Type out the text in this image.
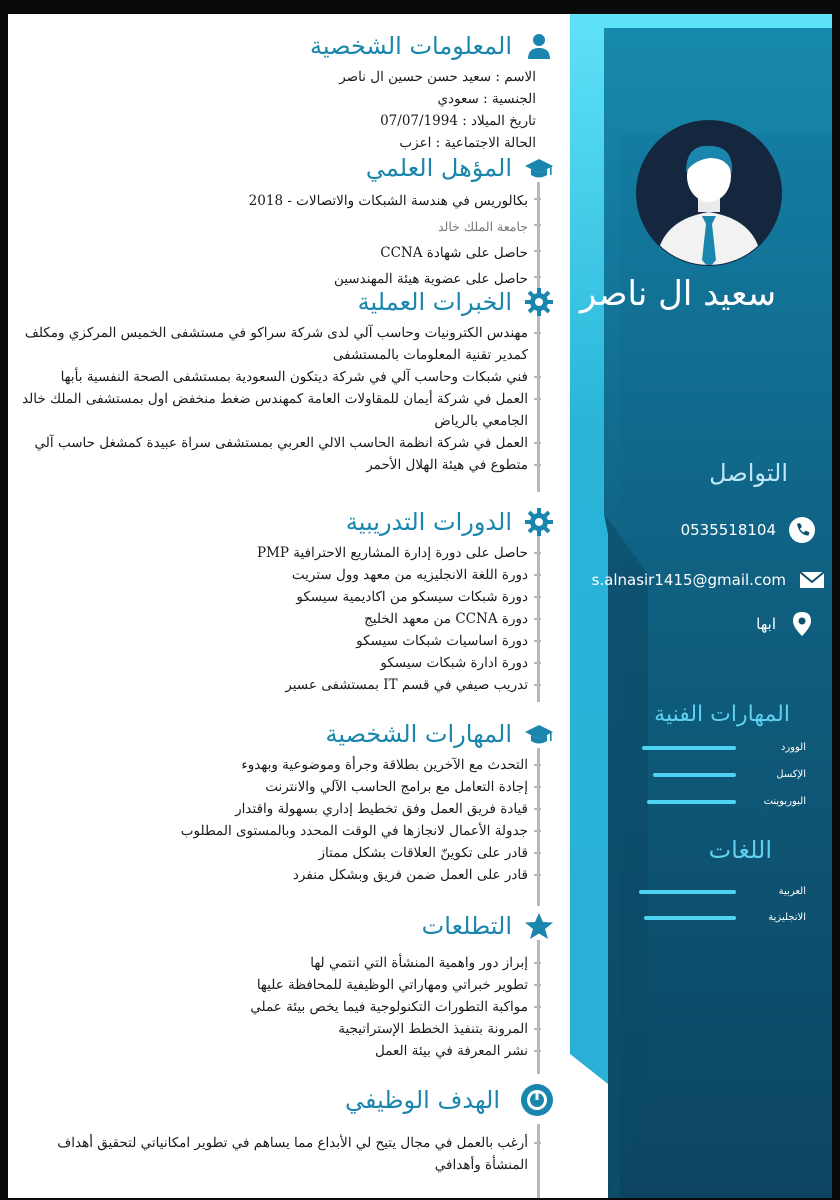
سعيد ال ناصر
التواصل
0535518104
s.alnasir1415@gmail.com
ابها
المهارات الفنية
الوورد
الإكسل
البوربوينت
اللغات
العربية
الانجليزية
المعلومات الشخصية
الاسم : سعيد حسن حسين ال ناصر
الجنسية : سعودي
تاريخ الميلاد : 07/07/1994
الحالة الاجتماعية : اعزب
المؤهل العلمي
بكالوريس في هندسة الشبكات والاتصالات - 2018
جامعة الملك خالد
حاصل على شهادة CCNA
حاصل على عضوية هيئة المهندسين
الخبرات العملية
مهندس الكترونيات وحاسب آلي لدى شركة سراكو في مستشفى الخميس المركزي ومكلف كمدير تقنية المعلومات بالمستشفى
فني شبكات وحاسب آلي في شركة ديتكون السعودية بمستشفى الصحة النفسية بأبها
العمل في شركة أيمان للمقاولات العامة كمهندس ضغط منخفض اول بمستشفى الملك خالد الجامعي بالرياض
العمل في شركة انظمة الحاسب الالي العربي بمستشفى سراة عبيدة كمشغل حاسب آلي
متطوع في هيئة الهلال الأحمر
الدورات التدريبية
حاصل على دورة إدارة المشاريع الاحترافية PMP
دورة اللغة الانجليزيه من معهد وول ستريت
دورة شبكات سيسكو من اكاديمية سيسكو
دورة CCNA من معهد الخليج
دورة اساسيات شبكات سيسكو
دورة ادارة شبكات سيسكو
تدريب صيفي في قسم IT بمستشفى عسير
المهارات الشخصية
التحدث مع الآخرين بطلاقة وجرأة وموضوعية وبهدوء
إجادة التعامل مع برامج الحاسب الآلي والانترنت
قيادة فريق العمل وفق تخطيط إداري بسهولة واقتدار
جدولة الأعمال لانجازها في الوقت المحدد وبالمستوى المطلوب
قادر على تكوينّ العلاقات بشكل ممتاز
قادر على العمل ضمن فريق وبشكل منفرد
التطلعات
إبراز دور واهمية المنشأة التي انتمي لها
تطوير خبراتي ومهاراتي الوظيفية للمحافظة عليها
مواكبة التطورات التكنولوجية فيما يخص بيئة عملي
المرونة بتنفيذ الخطط الإستراتيجية
نشر المعرفة في بيئة العمل
الهدف الوظيفي
أرغب بالعمل في مجال يتيح لي الأبداع مما يساهم في تطوير امكانياتي لتحقيق أهداف المنشأة وأهدافي
